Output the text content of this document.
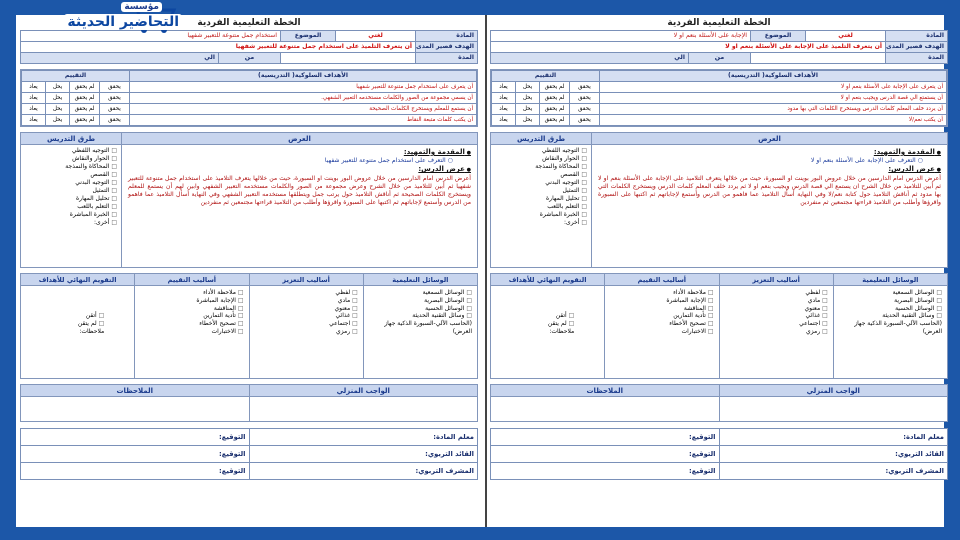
الخطة التعليمية الفردية
المادة	لغتي	الموضوع	الإجابة على الأسئلة بنعم او لا	
الهدف قصير المدى	أن يتعرف التلميذ على الإجابة على الأسئلة بنعم او لا			
المدة			من	الي
الأهداف السلوكية( التدريسية)	التقييم			
أن يتعرف على الإجابة على الأسئلة بنعم او لا	يحقق	لم يحقق	يحل	يعاد
أن يستمتع الي قصة الدرس ويجيب بنعم او لا	يحقق	لم يحقق	يحل	يعاد
أن يردد خلف المعلم كلمات الدرس ويستخرج الكلمات التي بها مدود	يحقق	لم يحقق	يحل	يعاد
أن يكتب نعم/لا	يحقق	لم يحقق	يحل	يعاد
العرض
طرق التدريس
● المقدمة والتمهيد:
○ التعرف على الإجابة على الأسئلة بنعم او لا
● عرض الدرس:
أعرض الدرس امام الدارسين من خلال عروض البور بوينت او السبورة، حيث من خلالها يتعرف التلاميذ على الإجابة على الأسئلة بنعم او لا ثم أبين للتلاميذ من خلال الشرح ان يستمع الي قصة الدرس ويجيب بنعم او لا ثم يردد خلف المعلم كلمات الدرس ويستخرج الكلمات التي بها مدود ثم أناقش التلاميذ حول كتابة نعم/لا وفي النهاية أسأل التلاميذ عما فاهمو من الدرس وأستمع لإجاباتهم ثم اكتبها على السبورة واقرؤها وأطلب من التلاميذ قراءتها مجتمعين ثم منفردين
□ التوجيه اللفظي
□ الحوار والنقاش
□ المحاكاة والنمذجة
□ القصص
□ التوجيه البدني
□ التمثيل
□ تحليل المهارة
□ التعلم باللعب
□ الخبرة المباشرة
□ أخرى:
الوسائل التعليمية
□ الوسائل السمعية
□ الوسائل البصرية
□ الوسائل الحسية
□ وسائل التقنية الحديثة
(الحاسب الآلي-السبورة الذكية جهاز العرض)
أساليب التعزيز
□ لفظي
□ مادي
□ معنوي
□ غذائي
□ اجتماعي
□ رمزي
أساليب التقييم
□ ملاحظة الأداء
□ الإجابة المباشرة
□ المناقشة
□ تأدية التمارين
□ تصحيح الأخطاء
□ الاختبارات
التقويم النهائي للأهداف
□ أتقن
□ لم يتقن
ملاحظات:
الواجب المنزلي
الملاحظات
معلم المادة:	التوقيع:
القائد التربوي:	التوقيع:
المشرف التربوي:	التوقيع:
الخطة التعليمية الفردية
المادة	لغتي	الموضوع	استخدام جمل متنوعة للتعبير شفهيا	
الهدف قصير المدى	أن يتعرف التلميذ على استخدام جمل متنوعة للتعبير شفهيا			
المدة			من	الي
الأهداف السلوكية( التدريسية)	التقييم			
أن يتعرف على استخدام جمل متنوعة للتعبير شفهيا	يحقق	لم يحقق	يحل	يعاد
أن يسمي مجموعة من الصور والكلمات مستخدمه التعبير الشفهي.	يحقق	لم يحقق	يحل	يعاد
أن يستمع للمعلم ويستخرج الكلمات الصحيحة	يحقق	لم يحقق	يحل	يعاد
أن يكتب كلمات متبعة النقاط	يحقق	لم يحقق	يحل	يعاد
العرض
طرق التدريس
● المقدمة والتمهيد:
○ التعرف على استخدام جمل متنوعة للتعبير شفهيا
● عرض الدرس:
أعرض الدرس امام الدارسين من خلال عروض البور بوينت او السبورة، حيث من خلالها يتعرف التلاميذ على استخدام جمل متنوعة للتعبير شفهيا ثم أبين للتلاميذ من خلال الشرح وعرض مجموعة من الصور والكلمات مستخدمه التعبير الشفهي وابين لهم أن يستمع للمعلم ويستخرج الكلمات الصحيحة ثم أناقش التلاميذ حول يرتب جمل ويتطلقها مستخدمه التعبير الشفهي وفي النهاية أسأل التلاميذ عما فاهمو من الدرس وأستمع لإجاباتهم ثم اكتبها على السبورة واقرؤها وأطلب من التلاميذ قراءتها مجتمعين ثم منفردين
□ التوجيه اللفظي
□ الحوار والنقاش
□ المحاكاة والنمذجة
□ القصص
□ التوجيه البدني
□ التمثيل
□ تحليل المهارة
□ التعلم باللعب
□ الخبرة المباشرة
□ أخرى:
الوسائل التعليمية
□ الوسائل السمعية
□ الوسائل البصرية
□ الوسائل الحسية
□ وسائل التقنية الحديثة
(الحاسب الآلي-السبورة الذكية جهاز العرض)
أساليب التعزيز
□ لفظي
□ مادي
□ معنوي
□ غذائي
□ اجتماعي
□ رمزي
أساليب التقييم
□ ملاحظة الأداء
□ الإجابة المباشرة
□ المناقشة
□ تأدية التمارين
□ تصحيح الأخطاء
□ الاختبارات
التقويم النهائي للأهداف
□ أتقن
□ لم يتقن
ملاحظات:
الواجب المنزلي
الملاحظات
معلم المادة:	التوقيع:
القائد التربوي:	التوقيع:
المشرف التربوي:	التوقيع:
مؤسسة
التحاضير الحديثة
